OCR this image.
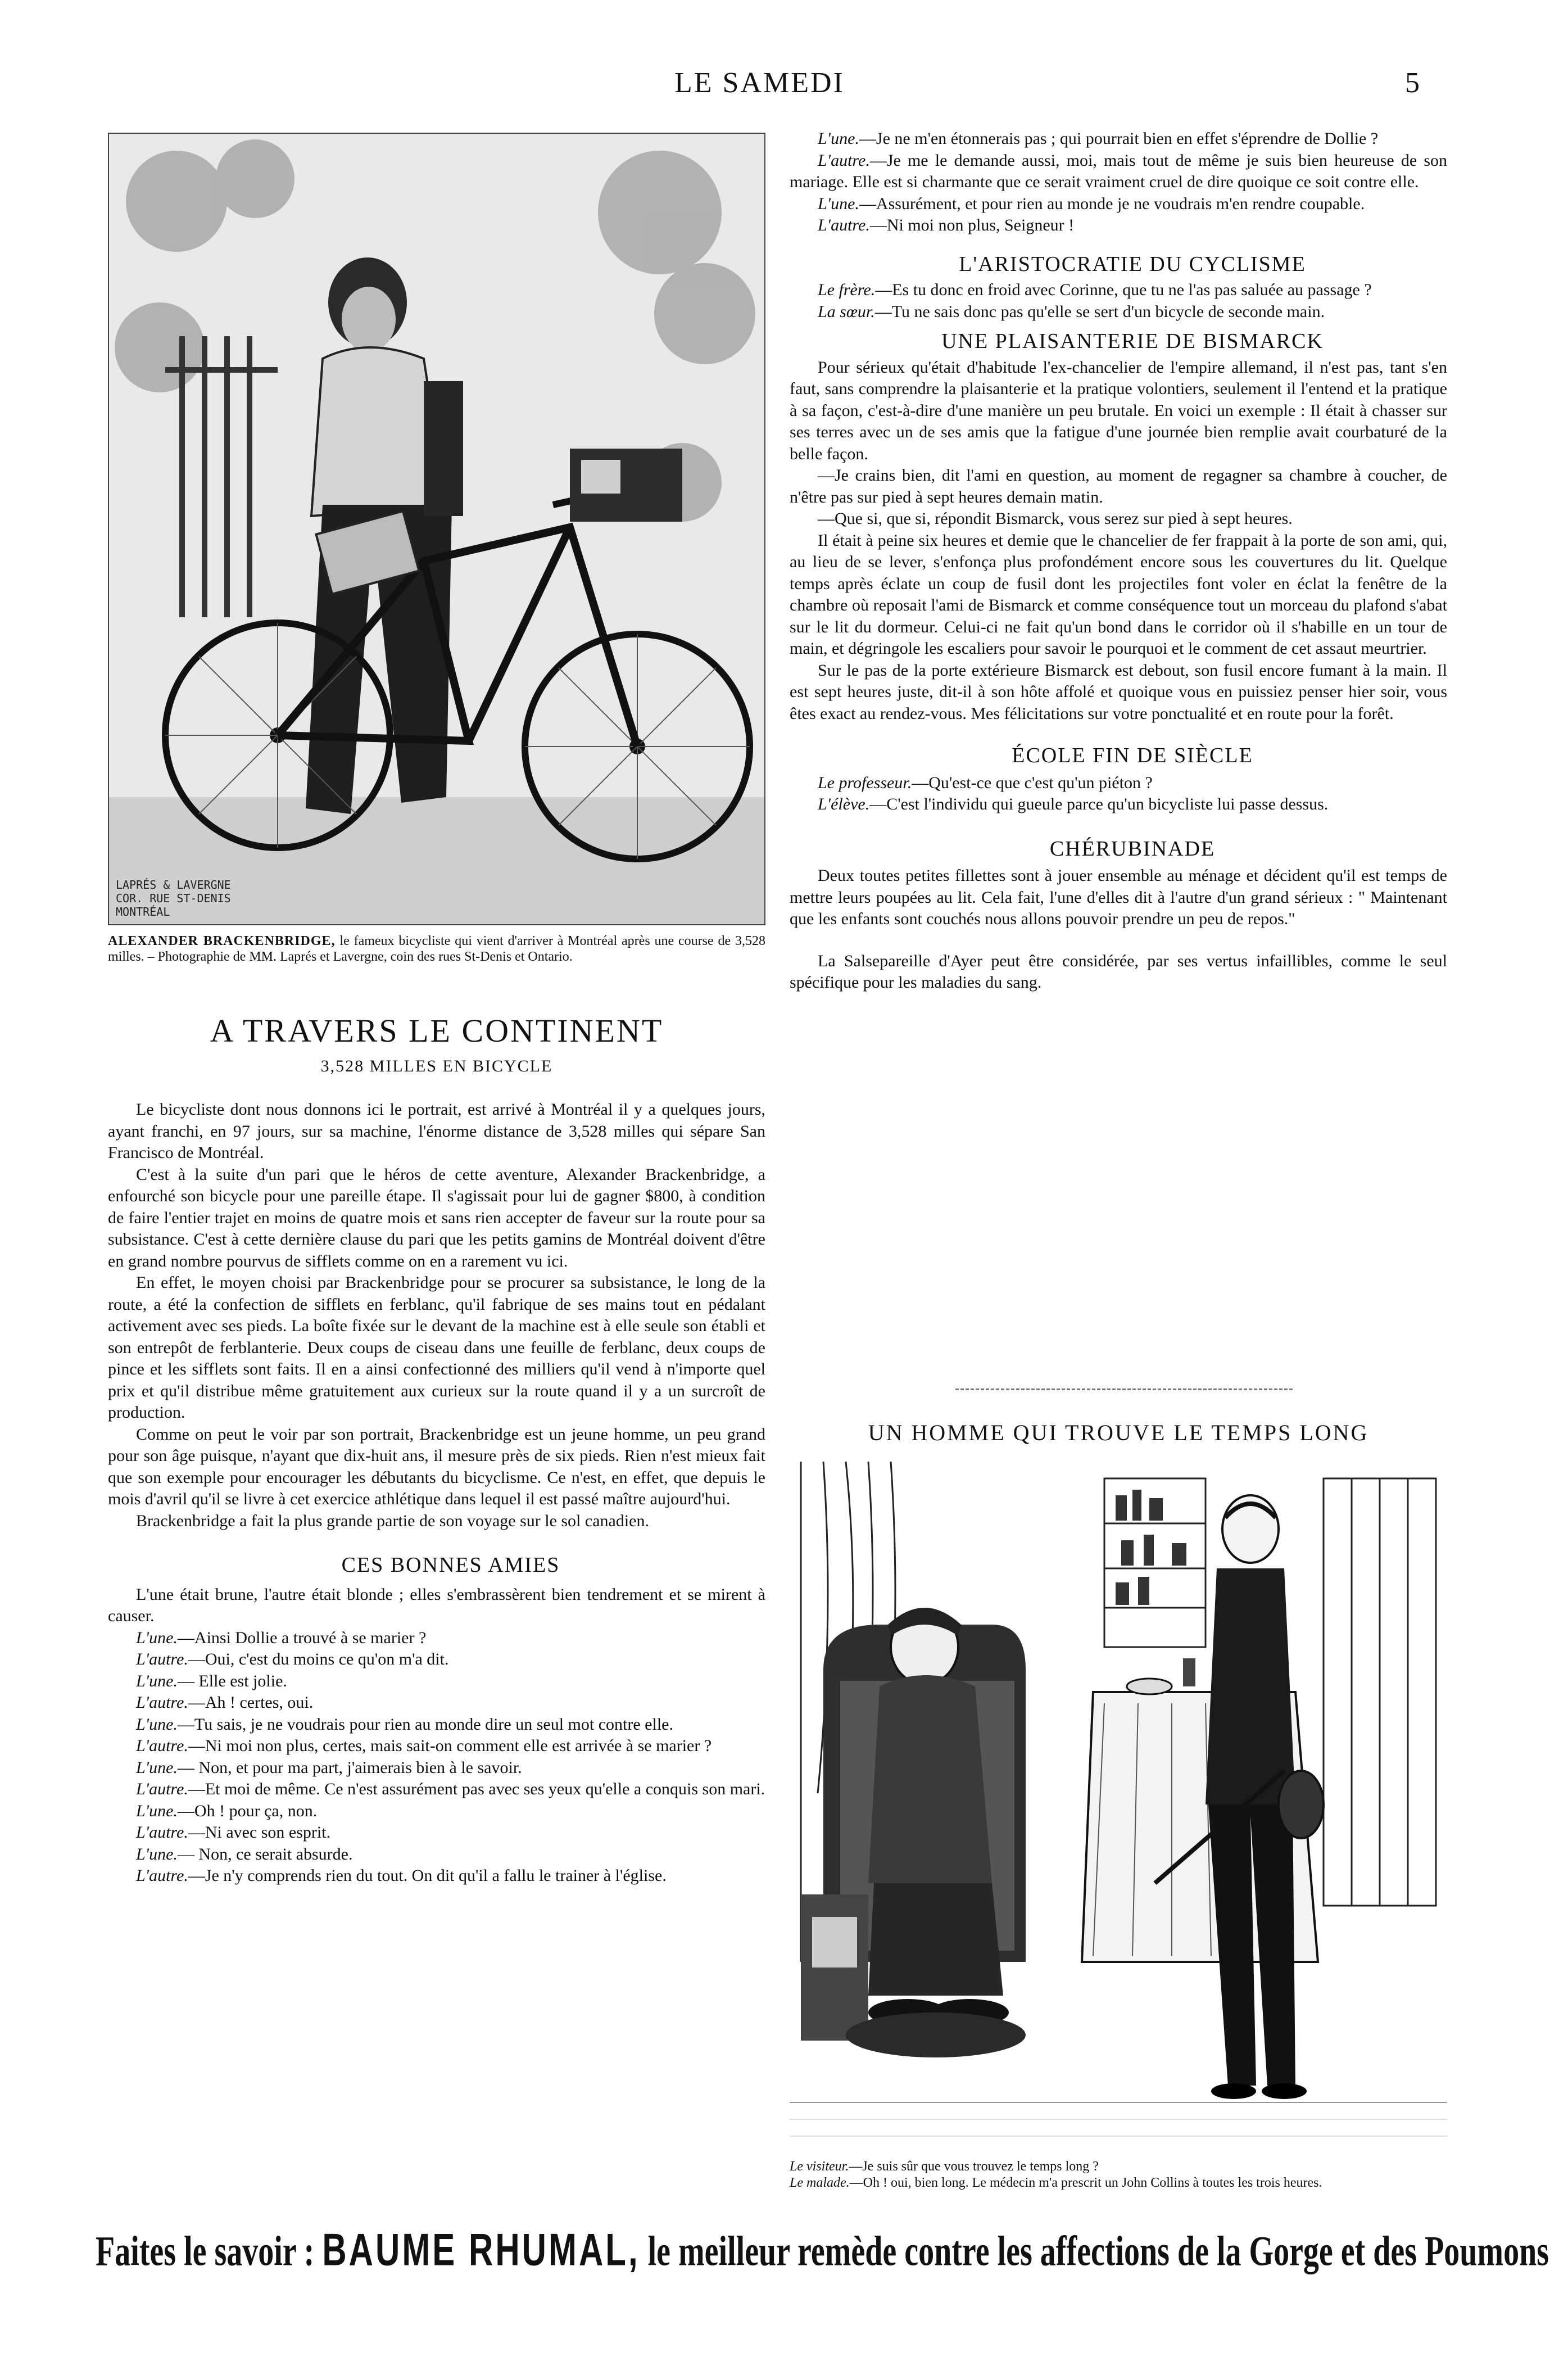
LE SAMEDI	5
LAPRÉS & LAVERGNE
COR. RUE ST-DENIS
MONTRÉAL
ALEXANDER BRACKENBRIDGE, le fameux bicycliste qui vient d'arriver à Montréal après une course de 3,528 milles. – Photographie de MM. Laprés et Lavergne, coin des rues St-Denis et Ontario.
A TRAVERS LE CONTINENT
3,528 MILLES EN BICYCLE

Le bicycliste dont nous donnons ici le portrait, est arrivé à Montréal il y a quelques jours, ayant franchi, en 97 jours, sur sa machine, l'énorme distance de 3,528 milles qui sépare San Francisco de Montréal.

C'est à la suite d'un pari que le héros de cette aventure, Alexander Brackenbridge, a enfourché son bicycle pour une pareille étape. Il s'agissait pour lui de gagner $800, à condition de faire l'entier trajet en moins de quatre mois et sans rien accepter de faveur sur la route pour sa subsistance. C'est à cette dernière clause du pari que les petits gamins de Montréal doivent d'être en grand nombre pourvus de sifflets comme on en a rarement vu ici.

En effet, le moyen choisi par Brackenbridge pour se procurer sa subsistance, le long de la route, a été la confection de sifflets en ferblanc, qu'il fabrique de ses mains tout en pédalant activement avec ses pieds. La boîte fixée sur le devant de la machine est à elle seule son établi et son entrepôt de ferblanterie. Deux coups de ciseau dans une feuille de ferblanc, deux coups de pince et les sifflets sont faits. Il en a ainsi confectionné des milliers qu'il vend à n'importe quel prix et qu'il distribue même gratuitement aux curieux sur la route quand il y a un surcroît de production.

Comme on peut le voir par son portrait, Brackenbridge est un jeune homme, un peu grand pour son âge puisque, n'ayant que dix-huit ans, il mesure près de six pieds. Rien n'est mieux fait que son exemple pour encourager les débutants du bicyclisme. Ce n'est, en effet, que depuis le mois d'avril qu'il se livre à cet exercice athlétique dans lequel il est passé maître aujourd'hui.

Brackenbridge a fait la plus grande partie de son voyage sur le sol canadien.

CES BONNES AMIES

L'une était brune, l'autre était blonde ; elles s'embrassèrent bien tendrement et se mirent à causer.

L'une.—Ainsi Dollie a trouvé à se marier ?

L'autre.—Oui, c'est du moins ce qu'on m'a dit.

L'une.— Elle est jolie.

L'autre.—Ah ! certes, oui.

L'une.—Tu sais, je ne voudrais pour rien au monde dire un seul mot contre elle.

L'autre.—Ni moi non plus, certes, mais sait-on comment elle est arrivée à se marier ?

L'une.— Non, et pour ma part, j'aimerais bien à le savoir.

L'autre.—Et moi de même. Ce n'est assurément pas avec ses yeux qu'elle a conquis son mari.

L'une.—Oh ! pour ça, non.

L'autre.—Ni avec son esprit.

L'une.— Non, ce serait absurde.

L'autre.—Je n'y comprends rien du tout. On dit qu'il a fallu le trainer à l'église.

L'une.—Je ne m'en étonnerais pas ; qui pourrait bien en effet s'éprendre de Dollie ?

L'autre.—Je me le demande aussi, moi, mais tout de même je suis bien heureuse de son mariage. Elle est si charmante que ce serait vraiment cruel de dire quoique ce soit contre elle.

L'une.—Assurément, et pour rien au monde je ne voudrais m'en rendre coupable.

L'autre.—Ni moi non plus, Seigneur !

L'ARISTOCRATIE DU CYCLISME

Le frère.—Es tu donc en froid avec Corinne, que tu ne l'as pas saluée au passage ?

La sœur.—Tu ne sais donc pas qu'elle se sert d'un bicycle de seconde main.

UNE PLAISANTERIE DE BISMARCK

Pour sérieux qu'était d'habitude l'ex-chancelier de l'empire allemand, il n'est pas, tant s'en faut, sans comprendre la plaisanterie et la pratique volontiers, seulement il l'entend et la pratique à sa façon, c'est-à-dire d'une manière un peu brutale. En voici un exemple : Il était à chasser sur ses terres avec un de ses amis que la fatigue d'une journée bien remplie avait courbaturé de la belle façon.

—Je crains bien, dit l'ami en question, au moment de regagner sa chambre à coucher, de n'être pas sur pied à sept heures demain matin.

—Que si, que si, répondit Bismarck, vous serez sur pied à sept heures.

Il était à peine six heures et demie que le chancelier de fer frappait à la porte de son ami, qui, au lieu de se lever, s'enfonça plus profondément encore sous les couvertures du lit. Quelque temps après éclate un coup de fusil dont les projectiles font voler en éclat la fenêtre de la chambre où reposait l'ami de Bismarck et comme conséquence tout un morceau du plafond s'abat sur le lit du dormeur. Celui-ci ne fait qu'un bond dans le corridor où il s'habille en un tour de main, et dégringole les escaliers pour savoir le pourquoi et le comment de cet assaut meurtrier.

Sur le pas de la porte extérieure Bismarck est debout, son fusil encore fumant à la main. Il est sept heures juste, dit-il à son hôte affolé et quoique vous en puissiez penser hier soir, vous êtes exact au rendez-vous. Mes félicitations sur votre ponctualité et en route pour la forêt.

ÉCOLE FIN DE SIÈCLE

Le professeur.—Qu'est-ce que c'est qu'un piéton ?

L'élève.—C'est l'individu qui gueule parce qu'un bicycliste lui passe dessus.

CHÉRUBINADE

Deux toutes petites fillettes sont à jouer ensemble au ménage et décident qu'il est temps de mettre leurs poupées au lit. Cela fait, l'une d'elles dit à l'autre d'un grand sérieux : " Maintenant que les enfants sont couchés nous allons pouvoir prendre un peu de repos."

La Salsepareille d'Ayer peut être considérée, par ses vertus infaillibles, comme le seul spécifique pour les maladies du sang.

UN HOMME QUI TROUVE LE TEMPS LONG
Le visiteur.—Je suis sûr que vous trouvez le temps long ?
Le malade.—Oh ! oui, bien long. Le médecin m'a prescrit un John Collins à toutes les trois heures.
Faites le savoir : BAUME RHUMAL, le meilleur remède contre les affections de la Gorge et des Poumons
